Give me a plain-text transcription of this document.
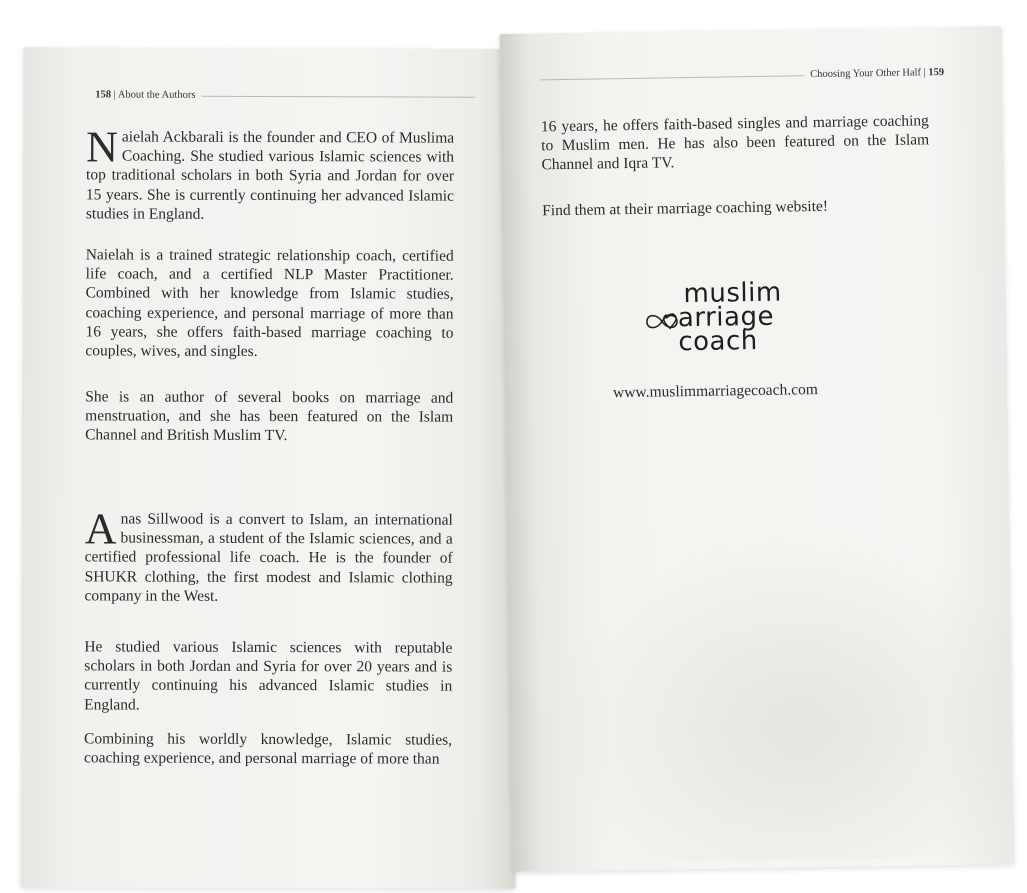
158 | About the Authors
Naielah Ackbarali is the founder and CEO of Muslima Coaching. She studied various Islamic sciences with top traditional scholars in both Syria and Jordan for over 15 years. She is currently continuing her advanced Islamic studies in England.
Naielah is a trained strategic relationship coach, certified life coach, and a certified NLP Master Practitioner. Combined with her knowledge from Islamic studies, coaching experience, and personal marriage of more than 16 years, she offers faith-based marriage coaching to couples, wives, and singles.
She is an author of several books on marriage and menstruation, and she has been featured on the Islam Channel and British Muslim TV.
Anas Sillwood is a convert to Islam, an international businessman, a student of the Islamic sciences, and a certified professional life coach. He is the founder of SHUKR clothing, the first modest and Islamic clothing company in the West.
He studied various Islamic sciences with reputable scholars in both Jordan and Syria for over 20 years and is currently continuing his advanced Islamic studies in England.
Combining his worldly knowledge, Islamic studies, coaching experience, and personal marriage of more than
Choosing Your Other Half | 159
16 years, he offers faith-based singles and marriage coaching to Muslim men. He has also been featured on the Islam Channel and Iqra TV.
Find them at their marriage coaching website!
muslim
arriage
coach
www.muslimmarriagecoach.com
